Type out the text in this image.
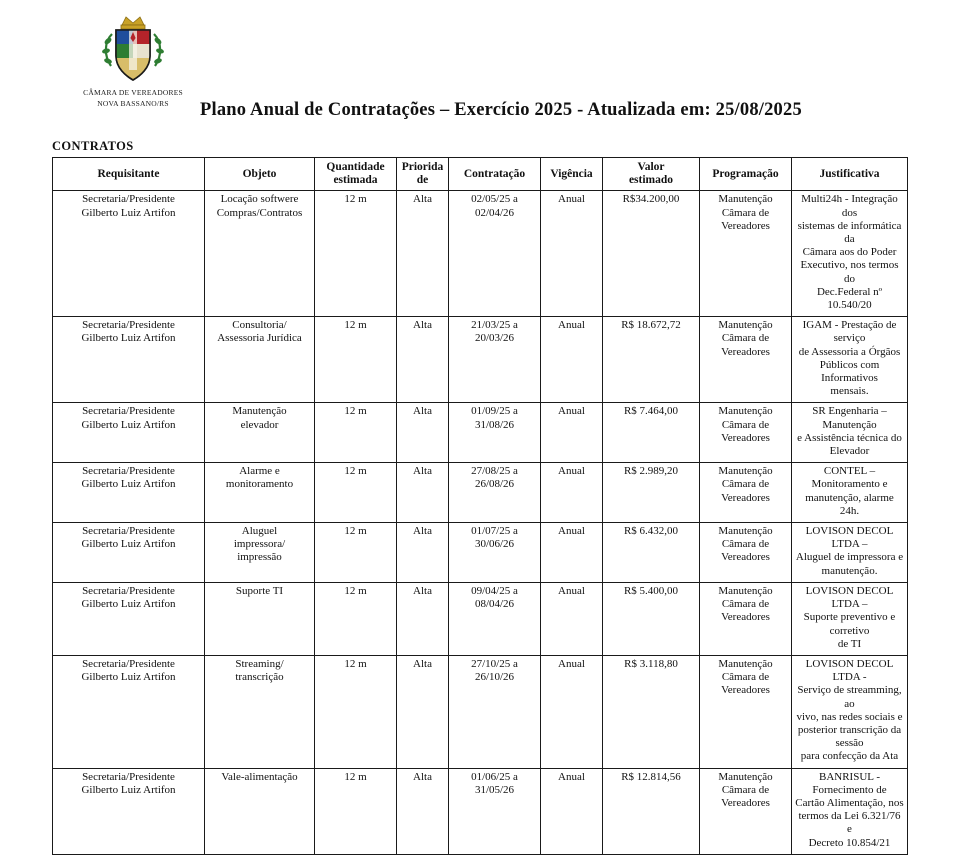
CÂMARA DE VEREADORES
NOVA BASSANO/RS	Plano Anual de Contratações – Exercício 2025 - Atualizada em: 25/08/2025
CONTRATOS
Requisitante	Objeto	Quantidade
estimada	Priorida
de	Contratação	Vigência	Valor
estimado	Programação	Justificativa

Secretaria/Presidente
Gilberto Luiz Artifon	Locação softwere
Compras/Contratos	12 m	Alta	02/05/25 a
02/04/26	Anual	R$34.200,00	Manutenção
Câmara de
Vereadores	Multi24h - Integração dos
sistemas de informática da
Câmara aos do Poder
Executivo, nos termos do
Dec.Federal nº 10.540/20

Secretaria/Presidente
Gilberto Luiz Artifon	Consultoria/
Assessoria Jurídica	12 m	Alta	21/03/25 a
20/03/26	Anual	R$ 18.672,72	Manutenção
Câmara de
Vereadores	IGAM - Prestação de serviço
de Assessoria a Órgãos
Públicos com Informativos
mensais.

Secretaria/Presidente
Gilberto Luiz Artifon	Manutenção
elevador	12 m	Alta	01/09/25 a
31/08/26	Anual	R$ 7.464,00	Manutenção
Câmara de
Vereadores	SR Engenharia – Manutenção
e Assistência técnica do
Elevador

Secretaria/Presidente
Gilberto Luiz Artifon	Alarme e
monitoramento	12 m	Alta	27/08/25 a
26/08/26	Anual	R$ 2.989,20	Manutenção
Câmara de
Vereadores	CONTEL – Monitoramento e
manutenção, alarme 24h.

Secretaria/Presidente
Gilberto Luiz Artifon	Aluguel
impressora/
impressão	12 m	Alta	01/07/25 a
30/06/26	Anual	R$ 6.432,00	Manutenção
Câmara de
Vereadores	LOVISON DECOL LTDA –
Aluguel de impressora e
manutenção.

Secretaria/Presidente
Gilberto Luiz Artifon	Suporte TI	12 m	Alta	09/04/25 a
08/04/26	Anual	R$ 5.400,00	Manutenção
Câmara de
Vereadores	LOVISON DECOL LTDA –
Suporte preventivo e corretivo
de TI

Secretaria/Presidente
Gilberto Luiz Artifon	Streaming/
transcrição	12 m	Alta	27/10/25 a
26/10/26	Anual	R$ 3.118,80	Manutenção
Câmara de
Vereadores	LOVISON DECOL LTDA -
Serviço de streamming, ao
vivo, nas redes sociais e
posterior transcrição da sessão
para confecção da Ata

Secretaria/Presidente
Gilberto Luiz Artifon	Vale-alimentação	12 m	Alta	01/06/25 a
31/05/26	Anual	R$ 12.814,56	Manutenção
Câmara de
Vereadores	BANRISUL - Fornecimento de
Cartão Alimentação, nos
termos da Lei 6.321/76 e
Decreto 10.854/21
